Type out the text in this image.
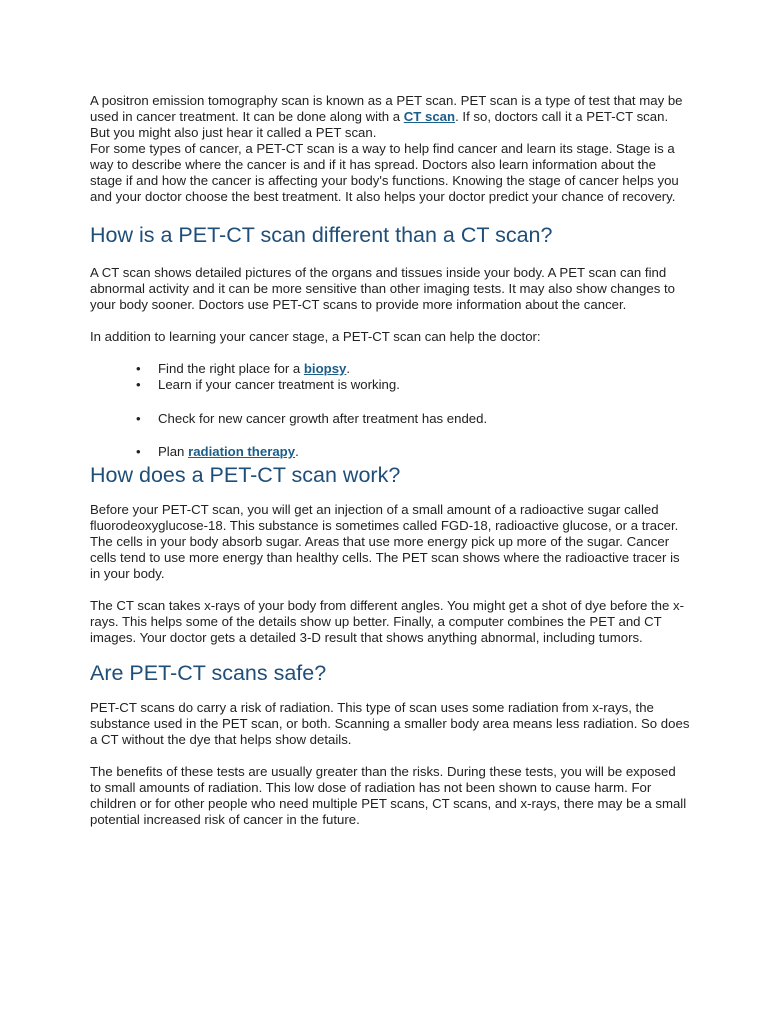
A positron emission tomography scan is known as a PET scan. PET scan is a type of test that may be used in cancer treatment. It can be done along with a CT scan. If so, doctors call it a PET-CT scan. But you might also just hear it called a PET scan.

For some types of cancer, a PET-CT scan is a way to help find cancer and learn its stage. Stage is a way to describe where the cancer is and if it has spread. Doctors also learn information about the stage if and how the cancer is affecting your body's functions. Knowing the stage of cancer helps you and your doctor choose the best treatment. It also helps your doctor predict your chance of recovery.

How is a PET-CT scan different than a CT scan?

A CT scan shows detailed pictures of the organs and tissues inside your body. A PET scan can find abnormal activity and it can be more sensitive than other imaging tests. It may also show changes to your body sooner. Doctors use PET-CT scans to provide more information about the cancer.

In addition to learning your cancer stage, a PET-CT scan can help the doctor:

• Find the right place for a biopsy.
• Learn if your cancer treatment is working.
• Check for new cancer growth after treatment has ended.
• Plan radiation therapy.
How does a PET-CT scan work?

Before your PET-CT scan, you will get an injection of a small amount of a radioactive sugar called fluorodeoxyglucose-18. This substance is sometimes called FGD-18, radioactive glucose, or a tracer. The cells in your body absorb sugar. Areas that use more energy pick up more of the sugar. Cancer cells tend to use more energy than healthy cells. The PET scan shows where the radioactive tracer is in your body.

The CT scan takes x-rays of your body from different angles. You might get a shot of dye before the x-rays. This helps some of the details show up better. Finally, a computer combines the PET and CT images. Your doctor gets a detailed 3-D result that shows anything abnormal, including tumors.

Are PET-CT scans safe?

PET-CT scans do carry a risk of radiation. This type of scan uses some radiation from x-rays, the substance used in the PET scan, or both. Scanning a smaller body area means less radiation. So does a CT without the dye that helps show details.

The benefits of these tests are usually greater than the risks. During these tests, you will be exposed to small amounts of radiation. This low dose of radiation has not been shown to cause harm. For children or for other people who need multiple PET scans, CT scans, and x-rays, there may be a small potential increased risk of cancer in the future.
